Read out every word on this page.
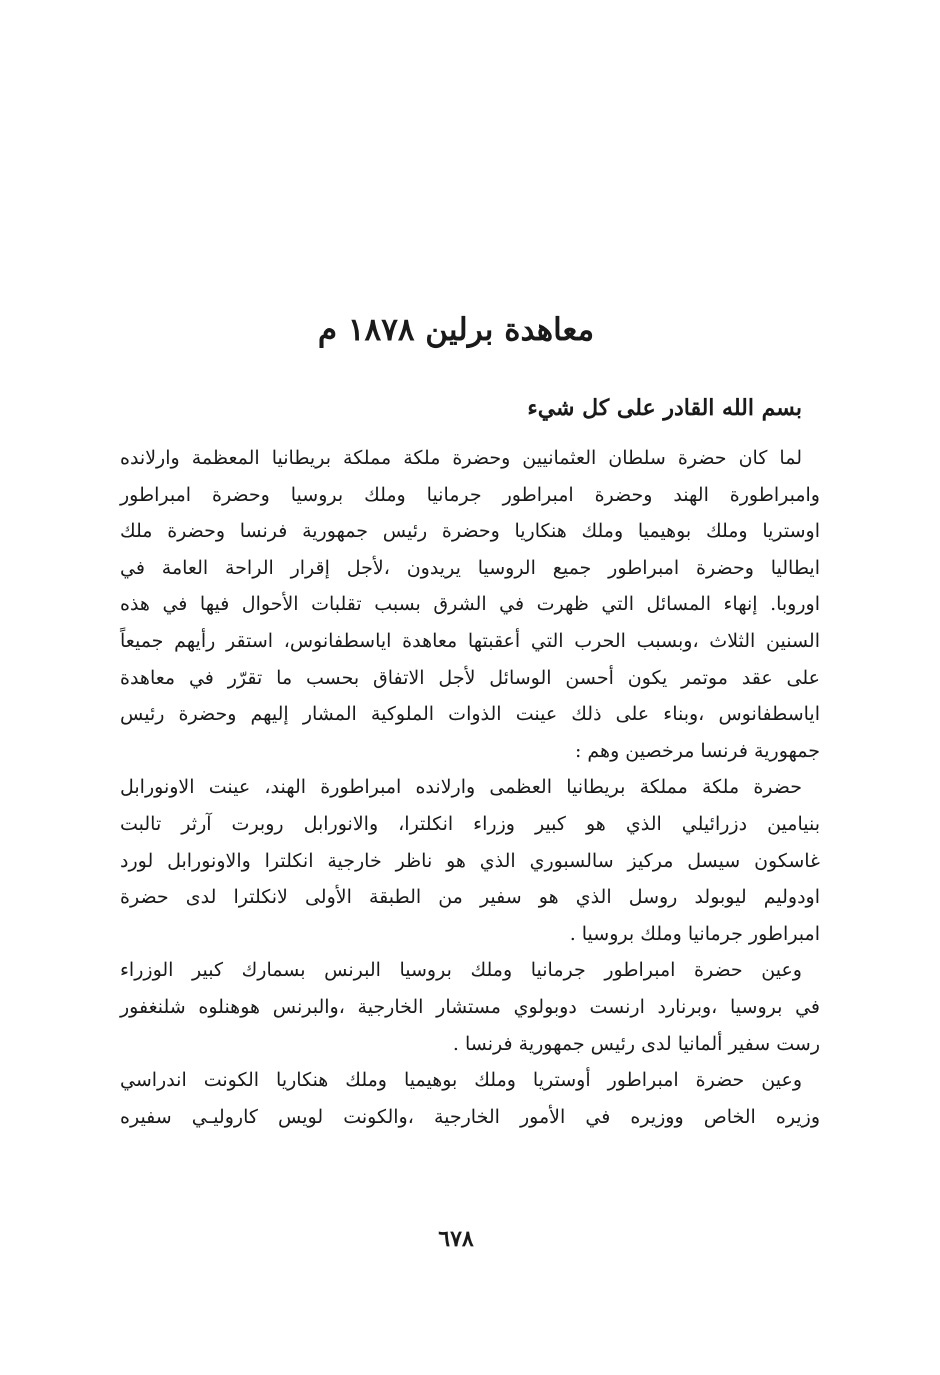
معاهدة برلين ١٨٧٨ م
بسم الله القادر على كل شيء
لما كان حضرة سلطان العثمانيين وحضرة ملكة مملكة بريطانيا المعظمة وارلانده
وامبراطورة الهند وحضرة امبراطور جرمانيا وملك بروسيا وحضرة امبراطور
اوستريا وملك بوهيميا وملك هنكاريا وحضرة رئيس جمهورية فرنسا وحضرة ملك
ايطاليا وحضرة امبراطور جميع الروسيا يريدون ،لأجل إقرار الراحة العامة في
اوروبا. إنهاء المسائل التي ظهرت في الشرق بسبب تقلبات الأحوال فيها في هذه
السنين الثلاث ،وبسبب الحرب التي أعقبتها معاهدة اياسطفانوس، استقر رأيهم جميعاً
على عقد موتمر يكون أحسن الوسائل لأجل الاتفاق بحسب ما تقرّر في معاهدة
اياسطفانوس ،وبناء على ذلك عينت الذوات الملوكية المشار إليهم وحضرة رئيس
جمهورية فرنسا مرخصين وهم :
حضرة ملكة مملكة بريطانيا العظمى وارلانده امبراطورة الهند، عينت الاونورابل
بنيامين دزرائيلي الذي هو كبير وزراء انكلترا، والانورابل روبرت آرثر تالبت
غاسكون سيسل مركيز سالسبوري الذي هو ناظر خارجية انكلترا والاونورابل لورد
اودوليم ليوبولد روسل الذي هو سفير من الطبقة الأولى لانكلترا لدى حضرة
امبراطور جرمانيا وملك بروسيا .
وعين حضرة امبراطور جرمانيا وملك بروسيا البرنس بسمارك كبير الوزراء
في بروسيا ،وبرنارد ارنست دوبولوي مستشار الخارجية ،والبرنس هوهنلوه شلنغفور
رست سفير ألمانيا لدى رئيس جمهورية فرنسا .
وعين حضرة امبراطور أوستريا وملك بوهيميا وملك هنكاريا الكونت اندراسي
وزيره الخاص ووزيره في الأمور الخارجية ،والكونت لويس كاروليـي سفيره
٦٧٨
